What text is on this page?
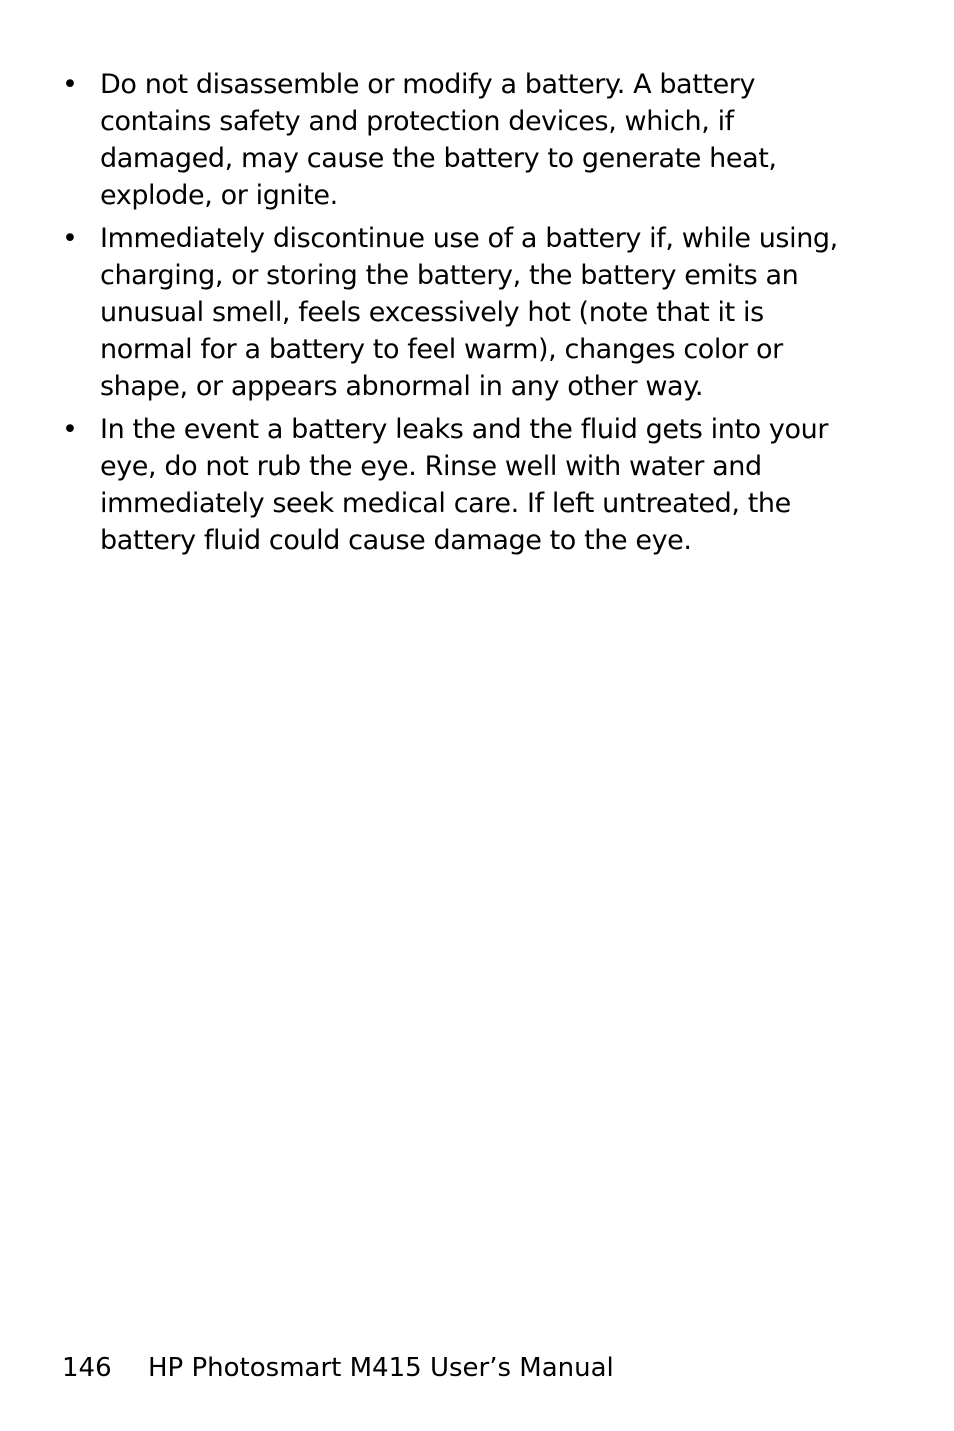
• Do not disassemble or modify a battery. A battery contains safety and protection devices, which, if damaged, may cause the battery to generate heat, explode, or ignite.
• Immediately discontinue use of a battery if, while using, charging, or storing the battery, the battery emits an unusual smell, feels excessively hot (note that it is normal for a battery to feel warm), changes color or shape, or appears abnormal in any other way.
• In the event a battery leaks and the fluid gets into your eye, do not rub the eye. Rinse well with water and immediately seek medical care. If left untreated, the battery fluid could cause damage to the eye.
146 HP Photosmart M415 User’s Manual
